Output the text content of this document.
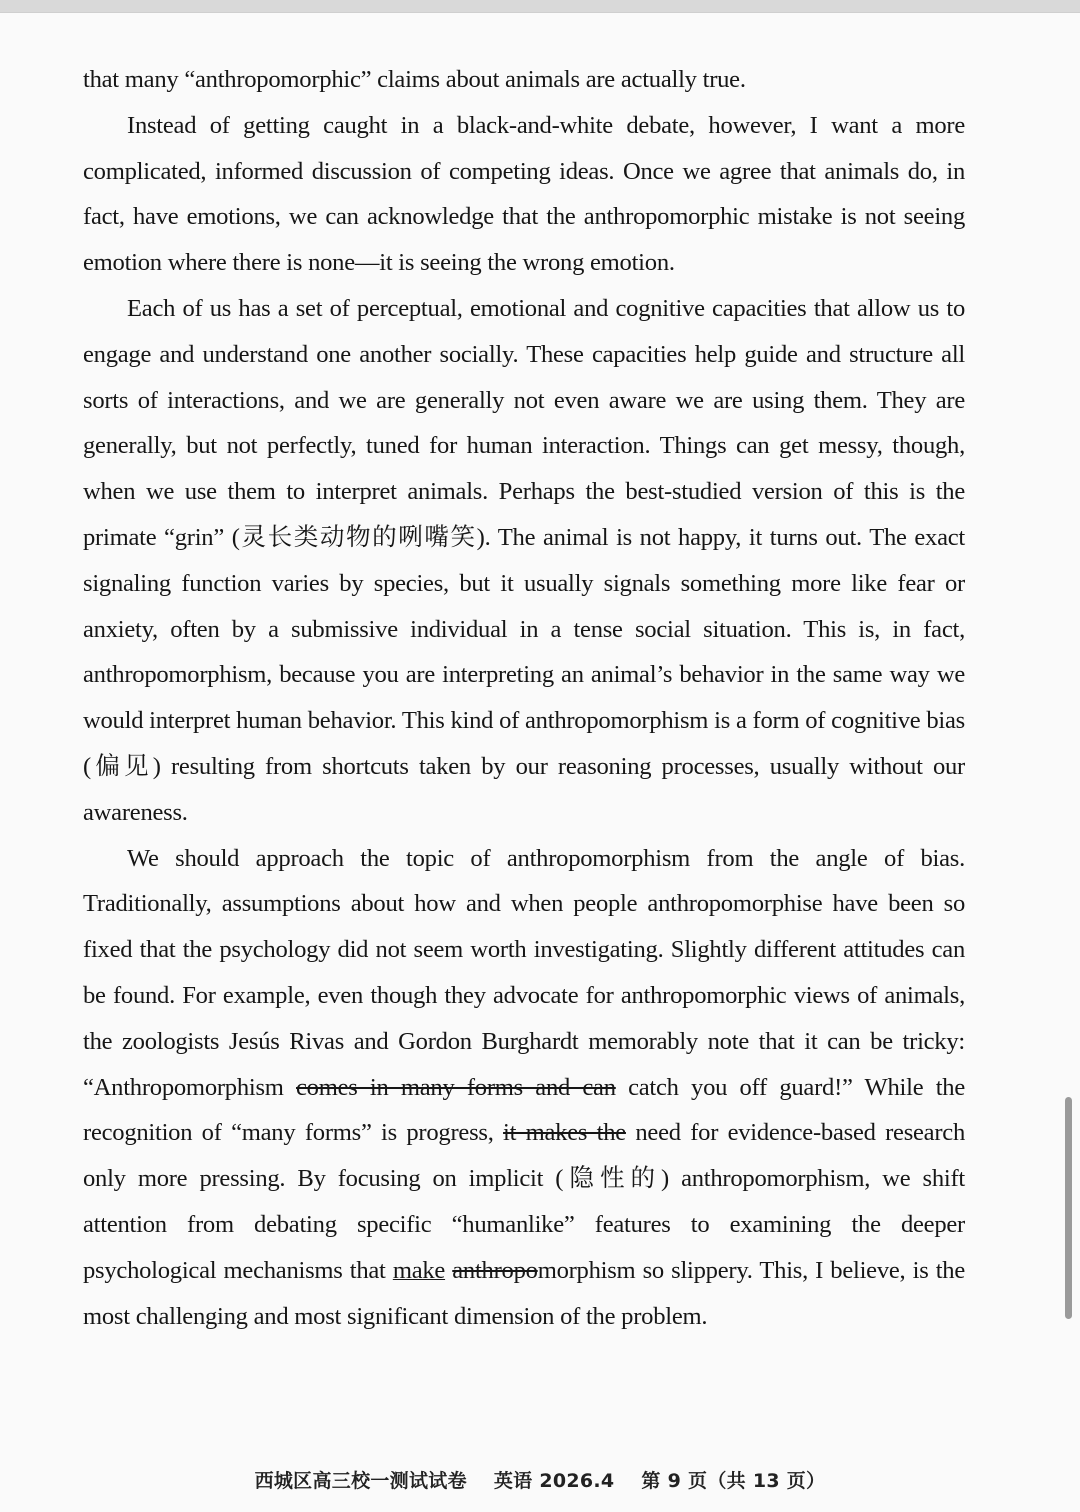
that many “anthropomorphic” claims about animals are actually true.

Instead of getting caught in a black-and-white debate, however, I want a more complicated, informed discussion of competing ideas. Once we agree that animals do, in fact, have emotions, we can acknowledge that the anthropomorphic mistake is not seeing emotion where there is none—it is seeing the wrong emotion.

Each of us has a set of perceptual, emotional and cognitive capacities that allow us to engage and understand one another socially. These capacities help guide and structure all sorts of interactions, and we are generally not even aware we are using them. They are generally, but not perfectly, tuned for human interaction. Things can get messy, though, when we use them to interpret animals. Perhaps the best-studied version of this is the primate “grin” (灵长类动物的咧嘴笑). The animal is not happy, it turns out. The exact signaling function varies by species, but it usually signals something more like fear or anxiety, often by a submissive individual in a tense social situation. This is, in fact, anthropomorphism, because you are interpreting an animal’s behavior in the same way we would interpret human behavior. This kind of anthropomorphism is a form of cognitive bias (偏见) resulting from shortcuts taken by our reasoning processes, usually without our awareness.

We should approach the topic of anthropomorphism from the angle of bias. Traditionally, assumptions about how and when people anthropomorphise have been so fixed that the psychology did not seem worth investigating. Slightly different attitudes can be found. For example, even though they advocate for anthropomorphic views of animals, the zoologists Jesús Rivas and Gordon Burghardt memorably note that it can be tricky: “Anthropomorphism comes in many forms and can catch you off guard!” While the recognition of “many forms” is progress, it makes the need for evidence-based research only more pressing. By focusing on implicit (隐性的) anthropomorphism, we shift attention from debating specific “humanlike” features to examining the deeper psychological mechanisms that make anthropomorphism so slippery. This, I believe, is the most challenging and most significant dimension of the problem.

西城区高三校一测试试卷 英语 2026.4 第 9 页（共 13 页）
